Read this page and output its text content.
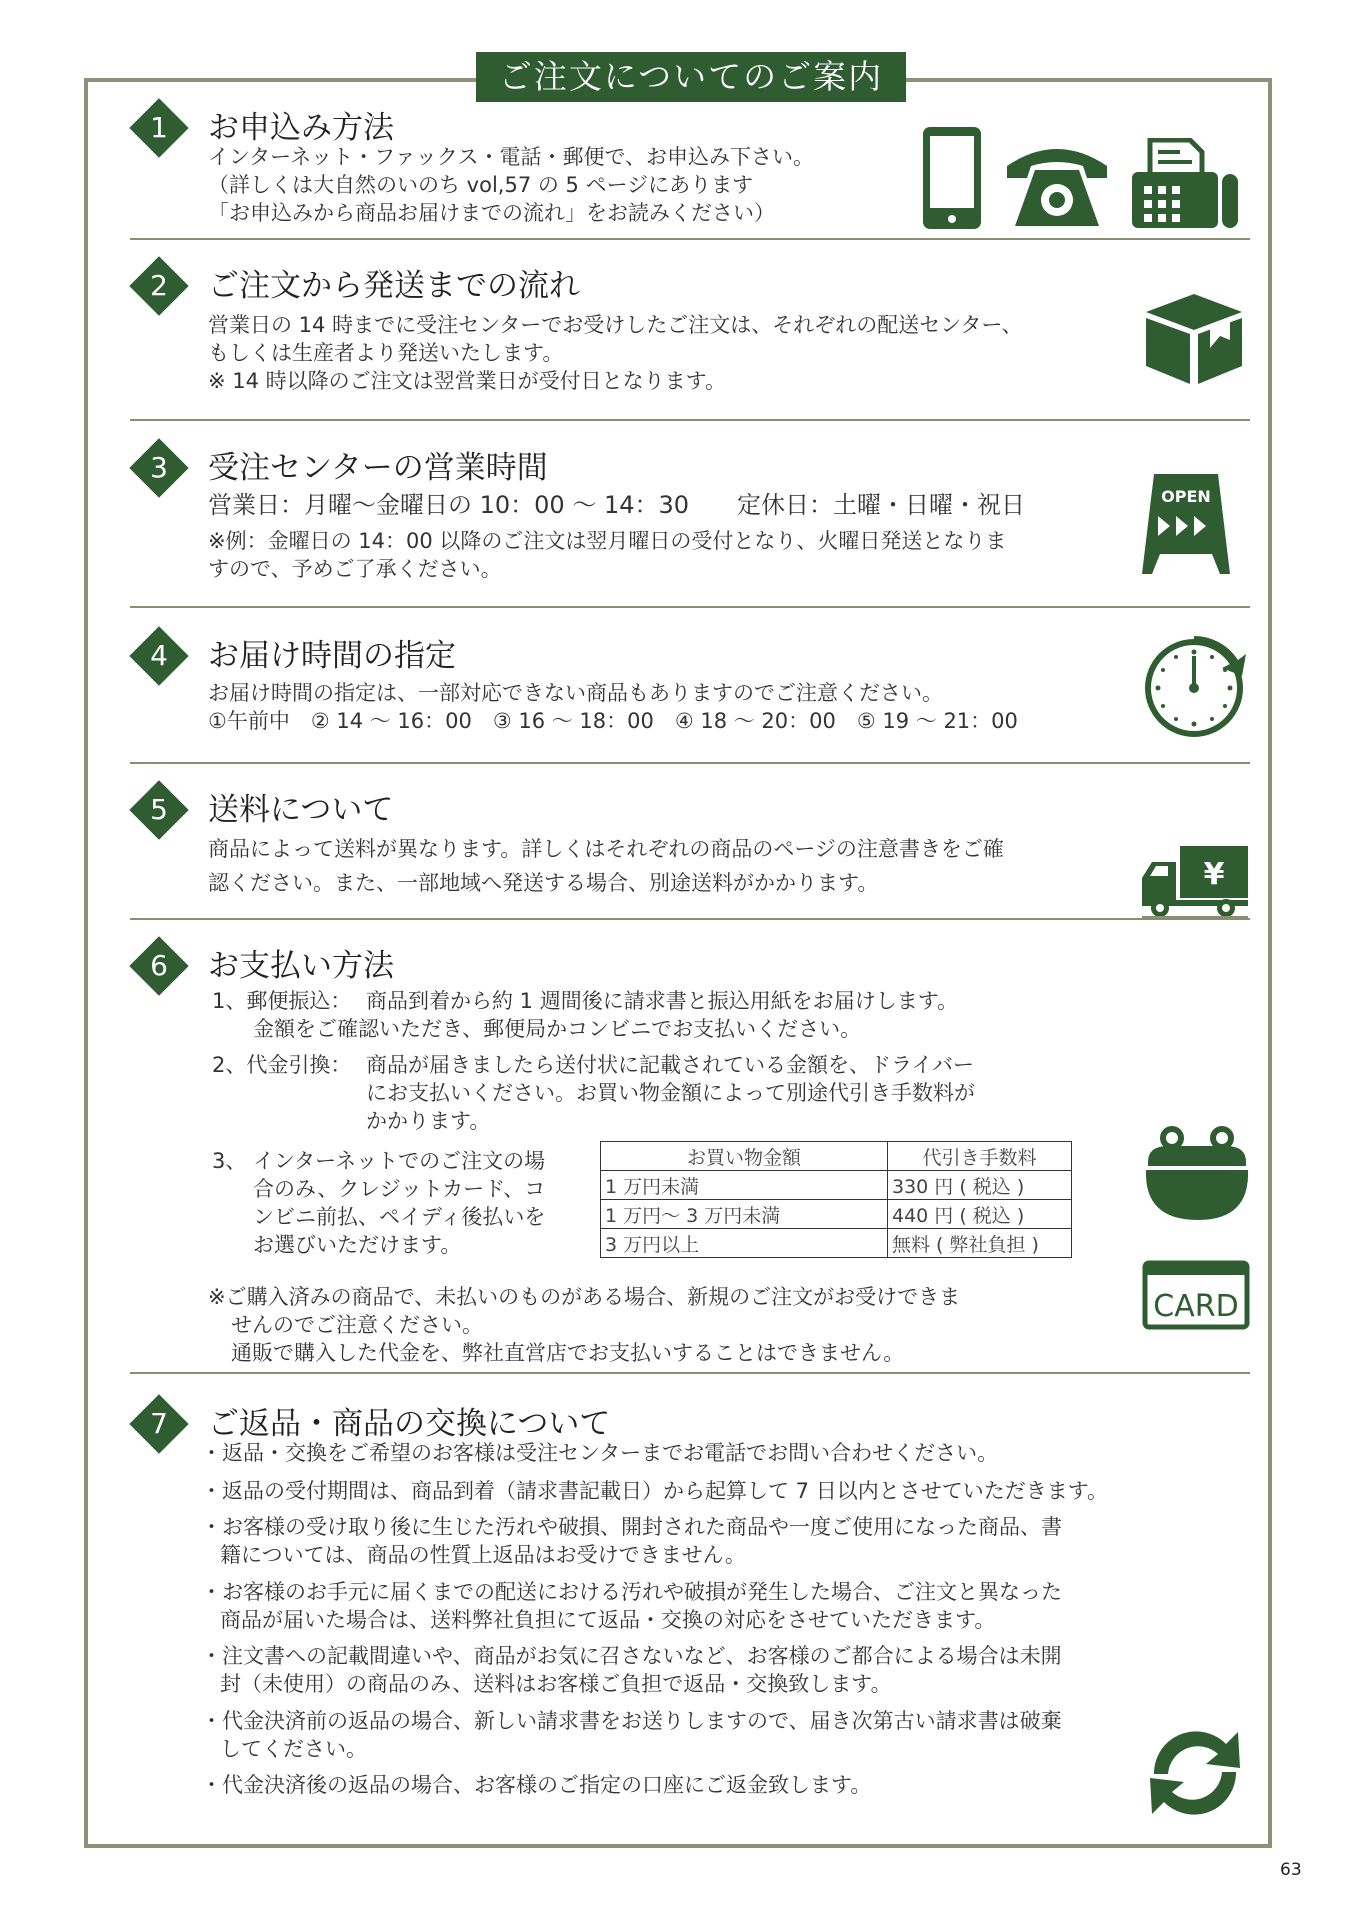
ご注文についてのご案内
1	お申込み方法
インターネット・ファックス・電話・郵便で、お申込み下さい。
（詳しくは大自然のいのち vol,57 の 5 ページにあります
「お申込みから商品お届けまでの流れ」をお読みください）
2	ご注文から発送までの流れ
営業日の 14 時までに受注センターでお受けしたご注文は、それぞれの配送センター、
もしくは生産者より発送いたします。
※ 14 時以降のご注文は翌営業日が受付日となります。
3	受注センターの営業時間
営業日：月曜～金曜日の 10：00 ～ 14：30　　定休日：土曜・日曜・祝日
※例：金曜日の 14：00 以降のご注文は翌月曜日の受付となり、火曜日発送となりま
すので、予めご了承ください。
OPEN
4	お届け時間の指定
お届け時間の指定は、一部対応できない商品もありますのでご注意ください。
①午前中　② 14 ～ 16：00　③ 16 ～ 18：00　④ 18 ～ 20：00　⑤ 19 ～ 21：00
5	送料について
商品によって送料が異なります。詳しくはそれぞれの商品のページの注意書きをご確
認ください。また、一部地域へ発送する場合、別途送料がかかります。	¥
6	お支払い方法
1、郵便振込： 商品到着から約 1 週間後に請求書と振込用紙をお届けします。
金額をご確認いただき、郵便局かコンビニでお支払いください。
2、代金引換： 商品が届きましたら送付状に記載されている金額を、ドライバー
にお支払いください。お買い物金額によって別途代引き手数料が
かかります。
3、 インターネットでのご注文の場
合のみ、クレジットカード、コ
ンビニ前払、ペイディ後払いを
お選びいただけます。
お買い物金額	代引き手数料
1 万円未満	330 円 ( 税込 )
1 万円～ 3 万円未満	440 円 ( 税込 )
3 万円以上	無料 ( 弊社負担 )
※ご購入済みの商品で、未払いのものがある場合、新規のご注文がお受けできま
せんのでご注意ください。
通販で購入した代金を、弊社直営店でお支払いすることはできません。
CARD
7	ご返品・商品の交換について
・返品・交換をご希望のお客様は受注センターまでお電話でお問い合わせください。
・返品の受付期間は、商品到着（請求書記載日）から起算して 7 日以内とさせていただきます。
・お客様の受け取り後に生じた汚れや破損、開封された商品や一度ご使用になった商品、書
籍については、商品の性質上返品はお受けできません。
・お客様のお手元に届くまでの配送における汚れや破損が発生した場合、ご注文と異なった
商品が届いた場合は、送料弊社負担にて返品・交換の対応をさせていただきます。
・注文書への記載間違いや、商品がお気に召さないなど、お客様のご都合による場合は未開
封（未使用）の商品のみ、送料はお客様ご負担で返品・交換致します。
・代金決済前の返品の場合、新しい請求書をお送りしますので、届き次第古い請求書は破棄
してください。
・代金決済後の返品の場合、お客様のご指定の口座にご返金致します。
63
